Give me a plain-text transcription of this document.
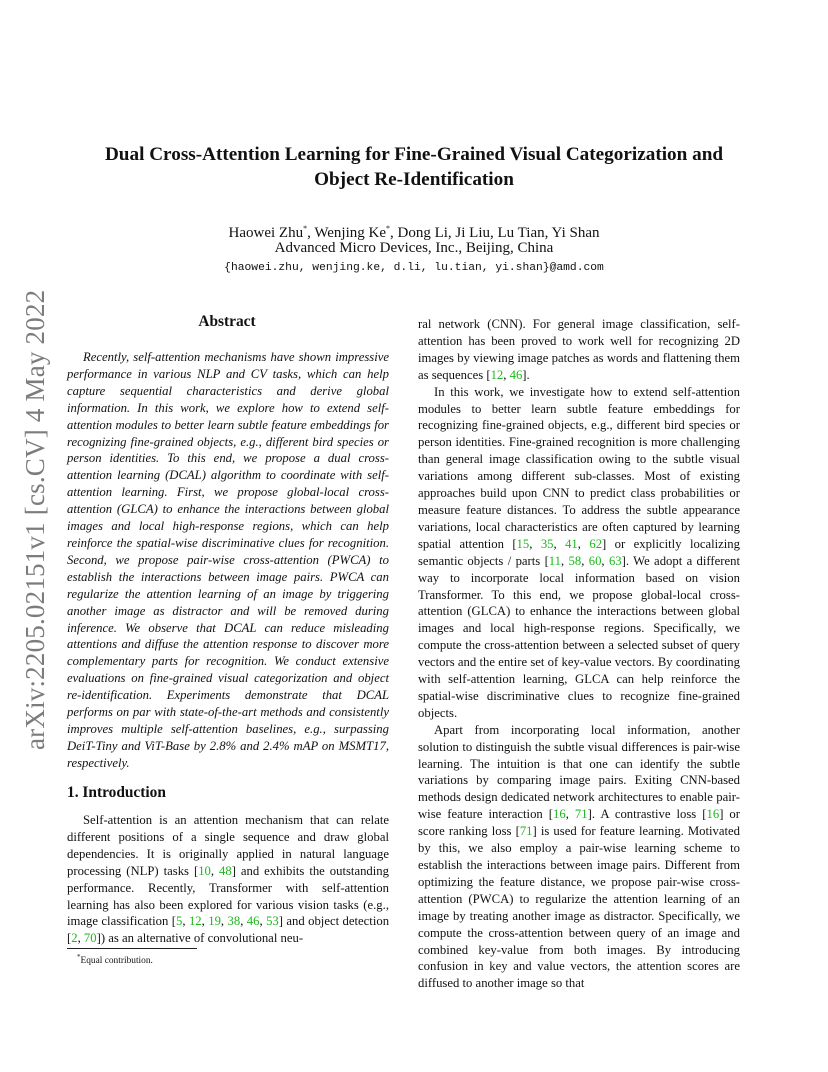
arXiv:2205.02151v1 [cs.CV] 4 May 2022
Dual Cross-Attention Learning for Fine-Grained Visual Categorization and
Object Re-Identification
Haowei Zhu*, Wenjing Ke*, Dong Li, Ji Liu, Lu Tian, Yi Shan
Advanced Micro Devices, Inc., Beijing, China
{haowei.zhu, wenjing.ke, d.li, lu.tian, yi.shan}@amd.com
Abstract
Recently, self-attention mechanisms have shown impressive performance in various NLP and CV tasks, which can help capture sequential characteristics and derive global information. In this work, we explore how to extend self-attention modules to better learn subtle feature embeddings for recognizing fine-grained objects, e.g., different bird species or person identities. To this end, we propose a dual cross-attention learning (DCAL) algorithm to coordinate with self-attention learning. First, we propose global-local cross-attention (GLCA) to enhance the interactions between global images and local high-response regions, which can help reinforce the spatial-wise discriminative clues for recognition. Second, we propose pair-wise cross-attention (PWCA) to establish the interactions between image pairs. PWCA can regularize the attention learning of an image by triggering another image as distractor and will be removed during inference. We observe that DCAL can reduce misleading attentions and diffuse the attention response to discover more complementary parts for recognition. We conduct extensive evaluations on fine-grained visual categorization and object re-identification. Experiments demonstrate that DCAL performs on par with state-of-the-art methods and consistently improves multiple self-attention baselines, e.g., surpassing DeiT-Tiny and ViT-Base by 2.8% and 2.4% mAP on MSMT17, respectively.
1. Introduction
Self-attention is an attention mechanism that can relate different positions of a single sequence and draw global dependencies. It is originally applied in natural language processing (NLP) tasks [10, 48] and exhibits the outstanding performance. Recently, Transformer with self-attention learning has also been explored for various vision tasks (e.g., image classification [5, 12, 19, 38, 46, 53] and object detection [2, 70]) as an alternative of convolutional neu-
*Equal contribution.

ral network (CNN). For general image classification, self-attention has been proved to work well for recognizing 2D images by viewing image patches as words and flattening them as sequences [12, 46].

In this work, we investigate how to extend self-attention modules to better learn subtle feature embeddings for recognizing fine-grained objects, e.g., different bird species or person identities. Fine-grained recognition is more challenging than general image classification owing to the subtle visual variations among different sub-classes. Most of existing approaches build upon CNN to predict class probabilities or measure feature distances. To address the subtle appearance variations, local characteristics are often captured by learning spatial attention [15, 35, 41, 62] or explicitly localizing semantic objects / parts [11, 58, 60, 63]. We adopt a different way to incorporate local information based on vision Transformer. To this end, we propose global-local cross-attention (GLCA) to enhance the interactions between global images and local high-response regions. Specifically, we compute the cross-attention between a selected subset of query vectors and the entire set of key-value vectors. By coordinating with self-attention learning, GLCA can help reinforce the spatial-wise discriminative clues to recognize fine-grained objects.

Apart from incorporating local information, another solution to distinguish the subtle visual differences is pair-wise learning. The intuition is that one can identify the subtle variations by comparing image pairs. Exiting CNN-based methods design dedicated network architectures to enable pair-wise feature interaction [16, 71]. A contrastive loss [16] or score ranking loss [71] is used for feature learning. Motivated by this, we also employ a pair-wise learning scheme to establish the interactions between image pairs. Different from optimizing the feature distance, we propose pair-wise cross-attention (PWCA) to regularize the attention learning of an image by treating another image as distractor. Specifically, we compute the cross-attention between query of an image and combined key-value from both images. By introducing confusion in key and value vectors, the attention scores are diffused to another image so that
